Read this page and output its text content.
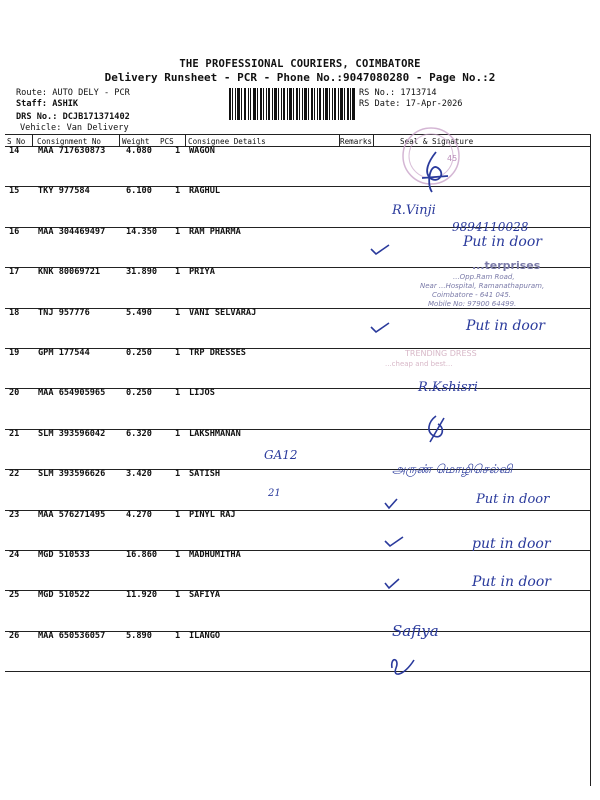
THE PROFESSIONAL COURIERS, COIMBATORE
Delivery Runsheet - PCR - Phone No.:9047080280 - Page No.:2
Route: AUTO DELY - PCR
Staff: ASHIK
DRS No.: DCJB171371402
Vehicle: Van Delivery
RS No.: 1713714
RS Date: 17-Apr-2026
S No Consignment No	Weight PCS Consignee Details	Remarks	Seal & Signature
14 MAA 717630873 4.080	1 WAGON
15 TKY 977584	6.100	1 RAGHUL
16 MAA 304469497 14.350 1 RAM PHARMA
17 KNK 80069721	31.890 1 PRIYA
18 TNJ 957776	5.490	1 VANI SELVARAJ
19 GPM 177544	0.250	1 TRP DRESSES
20 MAA 654905965 0.250	1 LIJOS
21 SLM 393596042 6.320	1 LAKSHMANAN
22 SLM 393596626 3.420	1 SATISH
23 MAA 576271495 4.270	1 PINYL RAJ
24 MGD 510533	16.860 1 MADHUMITHA
25 MGD 510522	11.920 1 SAFIYA
26 MAA 650536057 5.890	1 ILANGO
45
...terprises
...Opp.Ram Road,
Near ...Hospital, Ramanathapuram,
Coimbatore - 641 045.
Mobile No: 97900 64499.
TRENDING DRESS
...cheap and best...
R.Vinji
9894110028
Put in door
Put in door
R.Kshisri
GA12
21
அருண் மொழிசெல்வி
Put in door
put in door
Put in door
Safiya
